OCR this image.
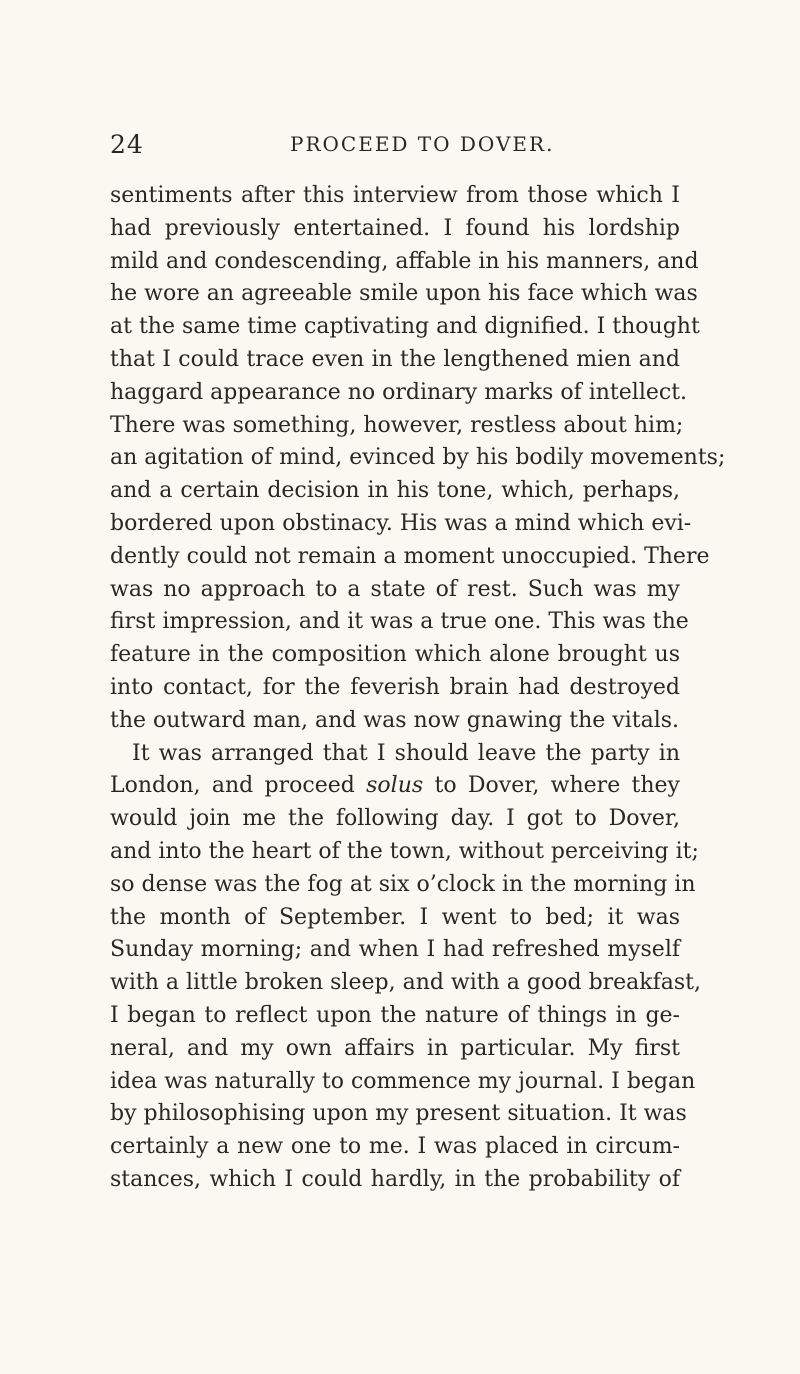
24	PROCEED TO DOVER.
sentiments after this interview from those which I
had previously entertained. I found his lordship
mild and condescending, affable in his manners, and
he wore an agreeable smile upon his face which was
at the same time captivating and dignified. I thought
that I could trace even in the lengthened mien and
haggard appearance no ordinary marks of intellect.
There was something, however, restless about him;
an agitation of mind, evinced by his bodily movements;
and a certain decision in his tone, which, perhaps,
bordered upon obstinacy. His was a mind which evi-
dently could not remain a moment unoccupied. There
was no approach to a state of rest. Such was my
first impression, and it was a true one. This was the
feature in the composition which alone brought us
into contact, for the feverish brain had destroyed
the outward man, and was now gnawing the vitals.
It was arranged that I should leave the party in
London, and proceed solus to Dover, where they
would join me the following day. I got to Dover,
and into the heart of the town, without perceiving it;
so dense was the fog at six o’clock in the morning in
the month of September. I went to bed; it was
Sunday morning; and when I had refreshed myself
with a little broken sleep, and with a good breakfast,
I began to reflect upon the nature of things in ge-
neral, and my own affairs in particular. My first
idea was naturally to commence my journal. I began
by philosophising upon my present situation. It was
certainly a new one to me. I was placed in circum-
stances, which I could hardly, in the probability of
